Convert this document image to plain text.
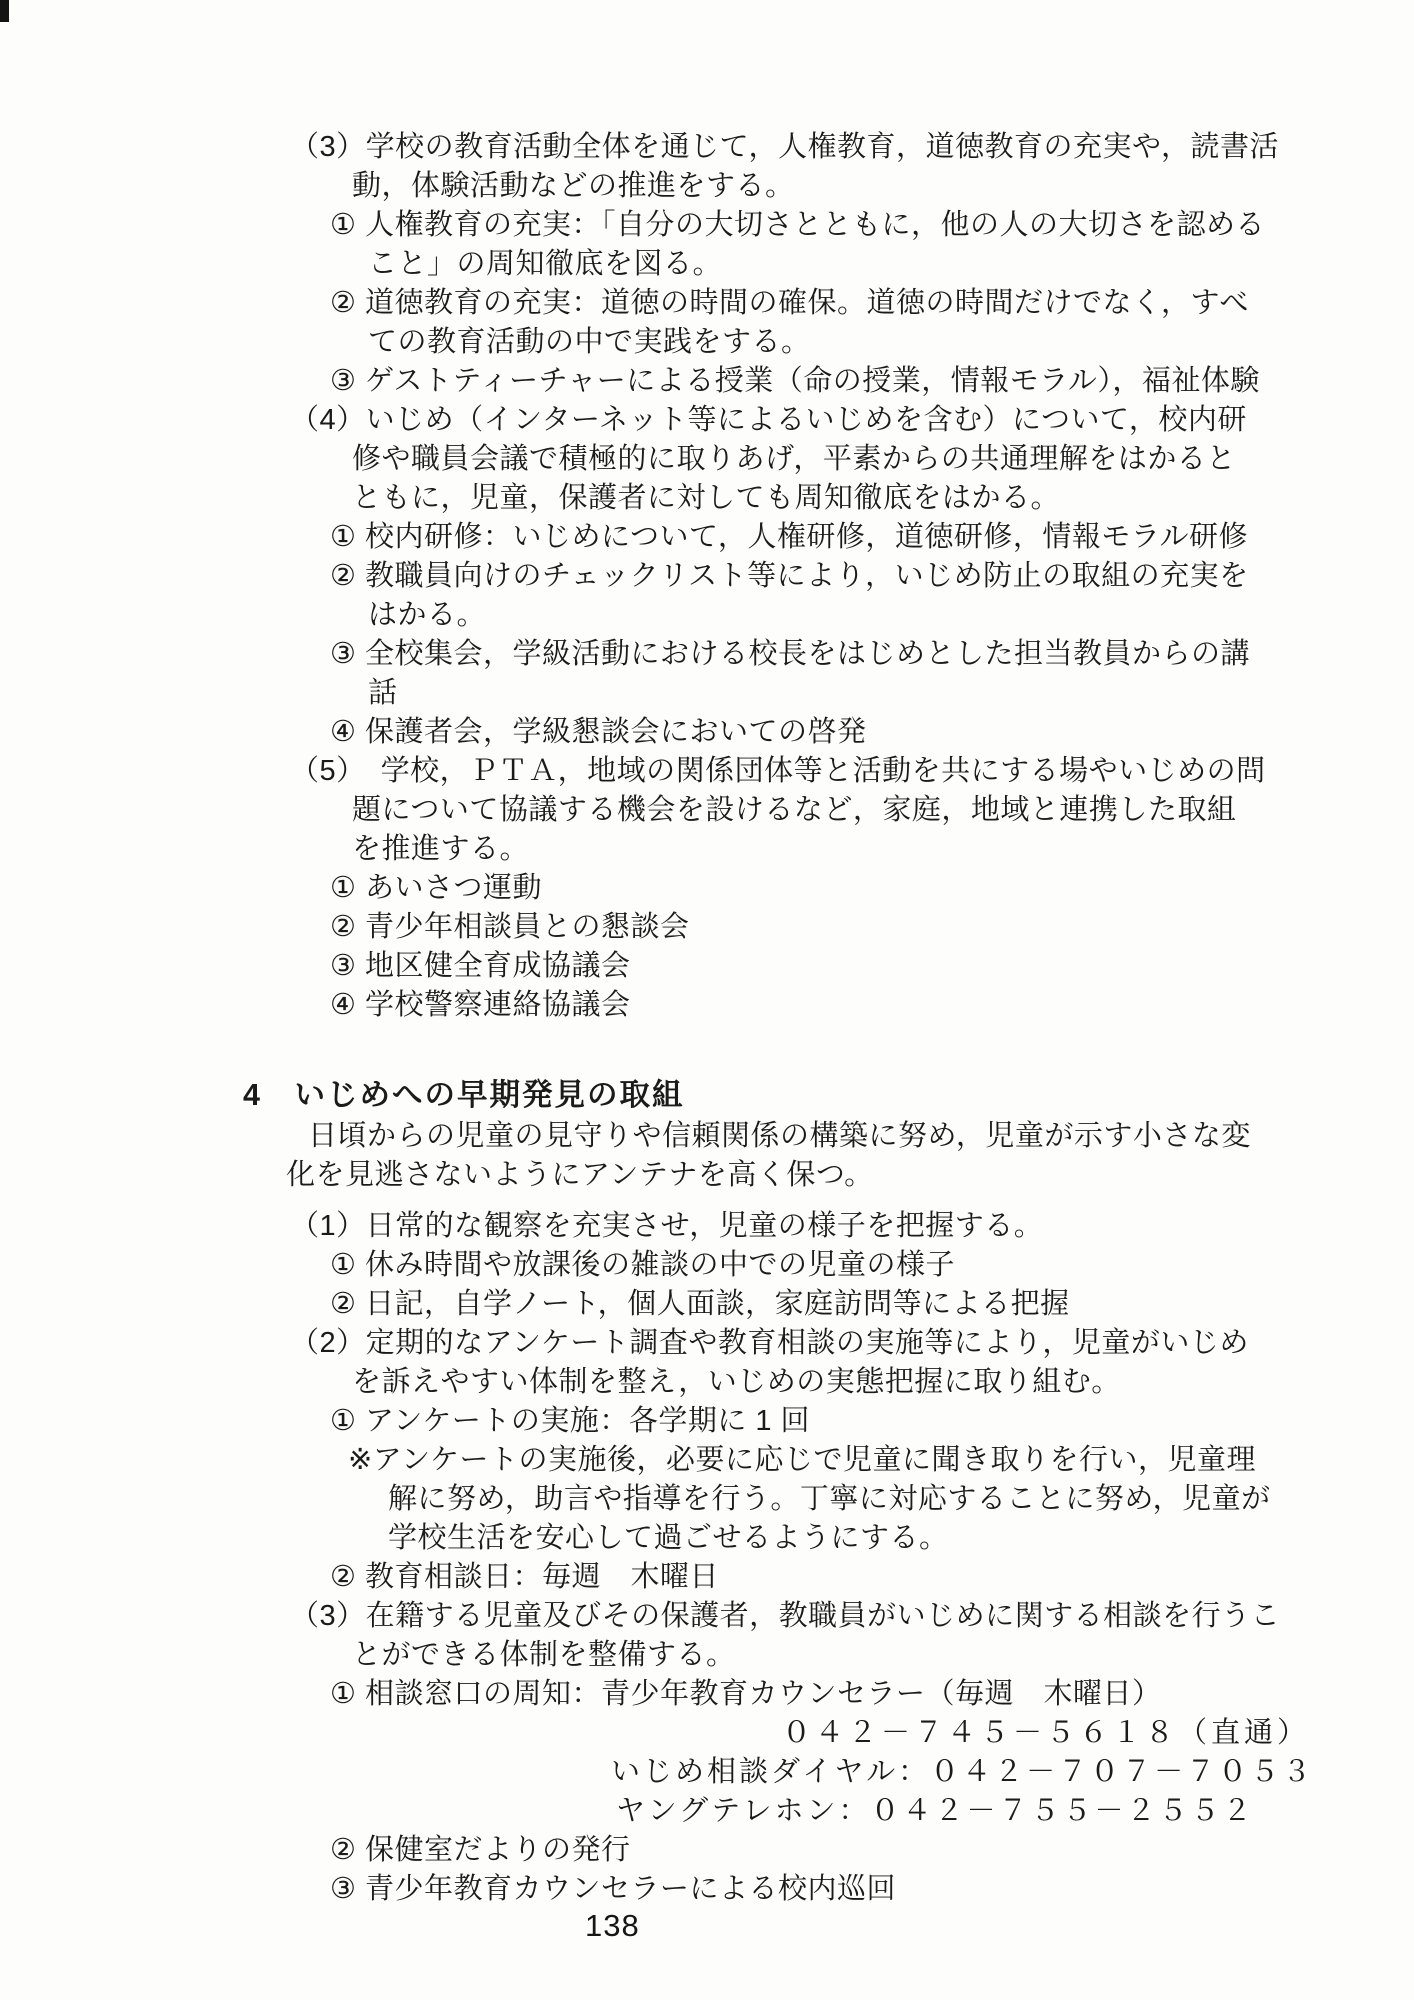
（3）学校の教育活動全体を通じて，人権教育，道徳教育の充実や，読書活
動，体験活動などの推進をする。
① 人権教育の充実：「自分の大切さとともに，他の人の大切さを認める
こと」の周知徹底を図る。
② 道徳教育の充実：道徳の時間の確保。道徳の時間だけでなく，すべ
ての教育活動の中で実践をする。
③ ゲストティーチャーによる授業（命の授業，情報モラル），福祉体験
（4）いじめ（インターネット等によるいじめを含む）について，校内研
修や職員会議で積極的に取りあげ，平素からの共通理解をはかると
ともに，児童，保護者に対しても周知徹底をはかる。
① 校内研修：いじめについて，人権研修，道徳研修，情報モラル研修
② 教職員向けのチェックリスト等により，いじめ防止の取組の充実を
はかる。
③ 全校集会，学級活動における校長をはじめとした担当教員からの講
話
④ 保護者会，学級懇談会においての啓発
（5）　学校，ＰＴＡ，地域の関係団体等と活動を共にする場やいじめの問
題について協議する機会を設けるなど，家庭，地域と連携した取組
を推進する。
① あいさつ運動
② 青少年相談員との懇談会
③ 地区健全育成協議会
④ 学校警察連絡協議会
4　いじめへの早期発見の取組
日頃からの児童の見守りや信頼関係の構築に努め，児童が示す小さな変
化を見逃さないようにアンテナを高く保つ。
（1）日常的な観察を充実させ，児童の様子を把握する。
① 休み時間や放課後の雑談の中での児童の様子
② 日記，自学ノート，個人面談，家庭訪問等による把握
（2）定期的なアンケート調査や教育相談の実施等により，児童がいじめ
を訴えやすい体制を整え，いじめの実態把握に取り組む。
① アンケートの実施：各学期に 1 回
※アンケートの実施後，必要に応じで児童に聞き取りを行い，児童理
解に努め，助言や指導を行う。丁寧に対応することに努め，児童が
学校生活を安心して過ごせるようにする。
② 教育相談日：毎週　木曜日
（3）在籍する児童及びその保護者，教職員がいじめに関する相談を行うこ
とができる体制を整備する。
① 相談窓口の周知：青少年教育カウンセラー（毎週　木曜日）
０４２－７４５－５６１８（直通）
いじめ相談ダイヤル：０４２－７０７－７０５３
ヤングテレホン：０４２－７５５－２５５２
② 保健室だよりの発行
③ 青少年教育カウンセラーによる校内巡回
138
